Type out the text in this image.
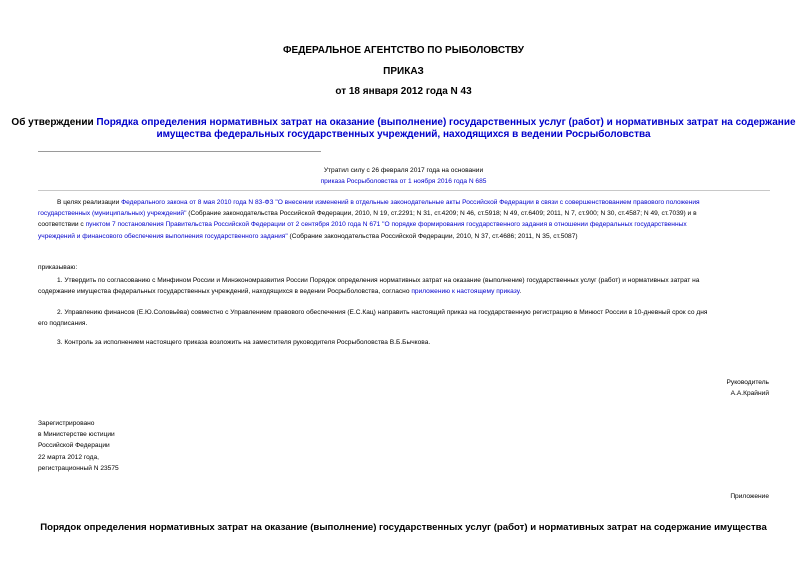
ФЕДЕРАЛЬНОЕ АГЕНТСТВО ПО РЫБОЛОВСТВУ
ПРИКАЗ
от 18 января 2012 года N 43
Об утверждении Порядка определения нормативных затрат на оказание (выполнение) государственных услуг (работ) и нормативных затрат на содержание
имущества федеральных государственных учреждений, находящихся в ведении Росрыболовства
Утратил силу с 26 февраля 2017 года на основании
приказа Росрыболовства от 1 ноября 2016 года N 685
В целях реализации Федерального закона от 8 мая 2010 года N 83-ФЗ "О внесении изменений в отдельные законодательные акты Российской Федерации в связи с совершенствованием правового положения
государственных (муниципальных) учреждений" (Собрание законодательства Российской Федерации, 2010, N 19, ст.2291; N 31, ст.4209; N 46, ст.5918; N 49, ст.6409; 2011, N 7, ст.900; N 30, ст.4587; N 49, ст.7039) и в
соответствии с пунктом 7 постановления Правительства Российской Федерации от 2 сентября 2010 года N 671 "О порядке формирования государственного задания в отношении федеральных государственных
учреждений и финансового обеспечения выполнения государственного задания" (Собрание законодательства Российской Федерации, 2010, N 37, ст.4686; 2011, N 35, ст.5087)
приказываю:
1. Утвердить по согласованию с Минфином России и Минэкономразвития России Порядок определения нормативных затрат на оказание (выполнение) государственных услуг (работ) и нормативных затрат на
содержание имущества федеральных государственных учреждений, находящихся в ведении Росрыболовства, согласно приложению к настоящему приказу.
2. Управлению финансов (Е.Ю.Соловьёва) совместно с Управлением правового обеспечения (Е.С.Кац) направить настоящий приказ на государственную регистрацию в Минюст России в 10-дневный срок со дня
его подписания.
3. Контроль за исполнением настоящего приказа возложить на заместителя руководителя Росрыболовства В.Б.Бычкова.
Руководитель
А.А.Крайний
Зарегистрировано
в Министерстве юстиции
Российской Федерации
22 марта 2012 года,
регистрационный N 23575
Приложение
Порядок определения нормативных затрат на оказание (выполнение) государственных услуг (работ) и нормативных затрат на содержание имущества
